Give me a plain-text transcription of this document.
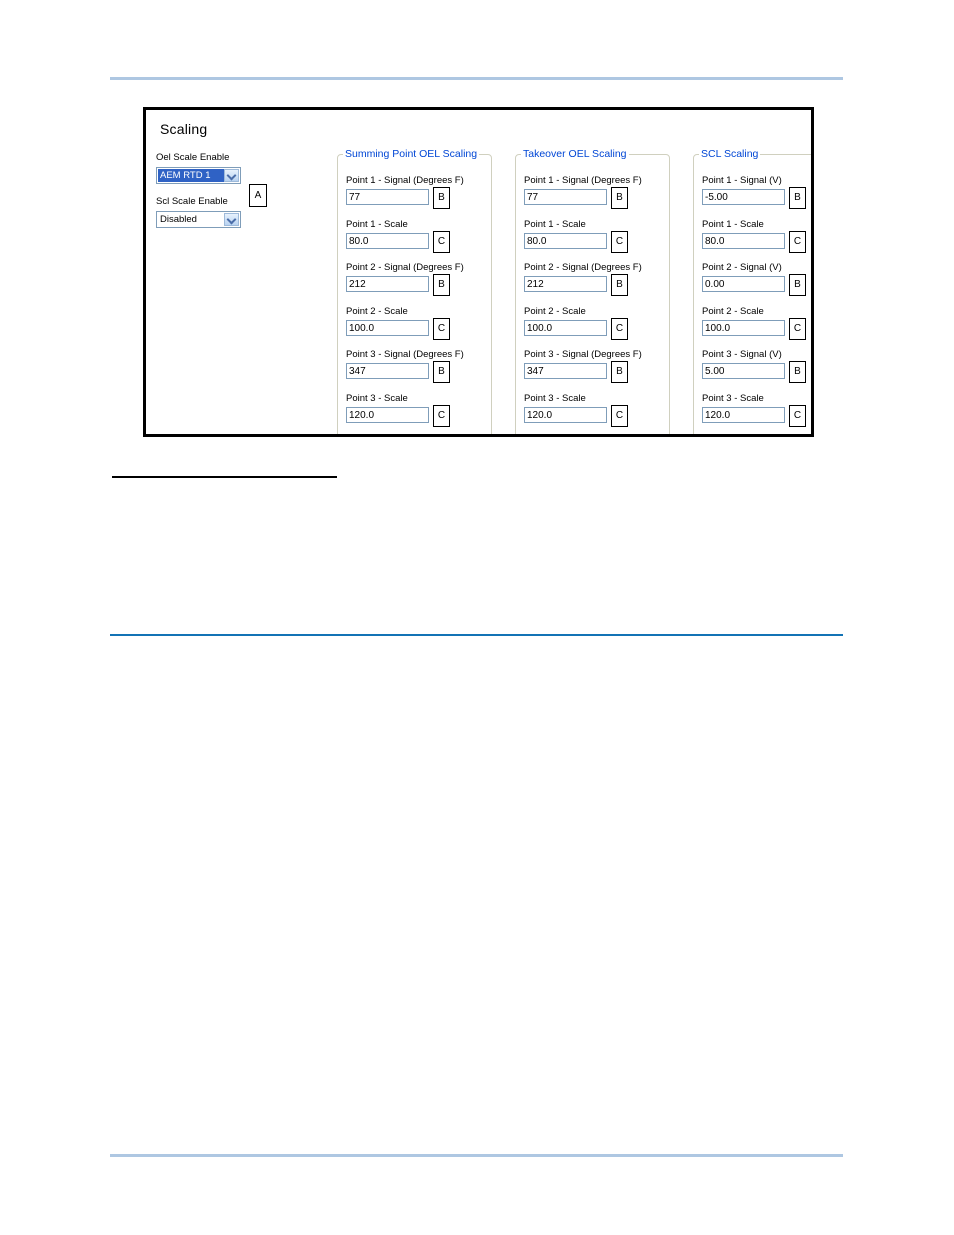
Scaling
Oel Scale Enable
AEM RTD 1
A
Scl Scale Enable
Disabled
Summing Point OEL Scaling
Point 1 - Signal (Degrees F)
77
B
Point 1 - Scale
80.0
C
Point 2 - Signal (Degrees F)
212
B
Point 2 - Scale
100.0
C
Point 3 - Signal (Degrees F)
347
B
Point 3 - Scale
120.0
C
Takeover OEL Scaling
Point 1 - Signal (Degrees F)
77
B
Point 1 - Scale
80.0
C
Point 2 - Signal (Degrees F)
212
B
Point 2 - Scale
100.0
C
Point 3 - Signal (Degrees F)
347
B
Point 3 - Scale
120.0
C
SCL Scaling
Point 1 - Signal (V)
-5.00
B
Point 1 - Scale
80.0
C
Point 2 - Signal (V)
0.00
B
Point 2 - Scale
100.0
C
Point 3 - Signal (V)
5.00
B
Point 3 - Scale
120.0
C
